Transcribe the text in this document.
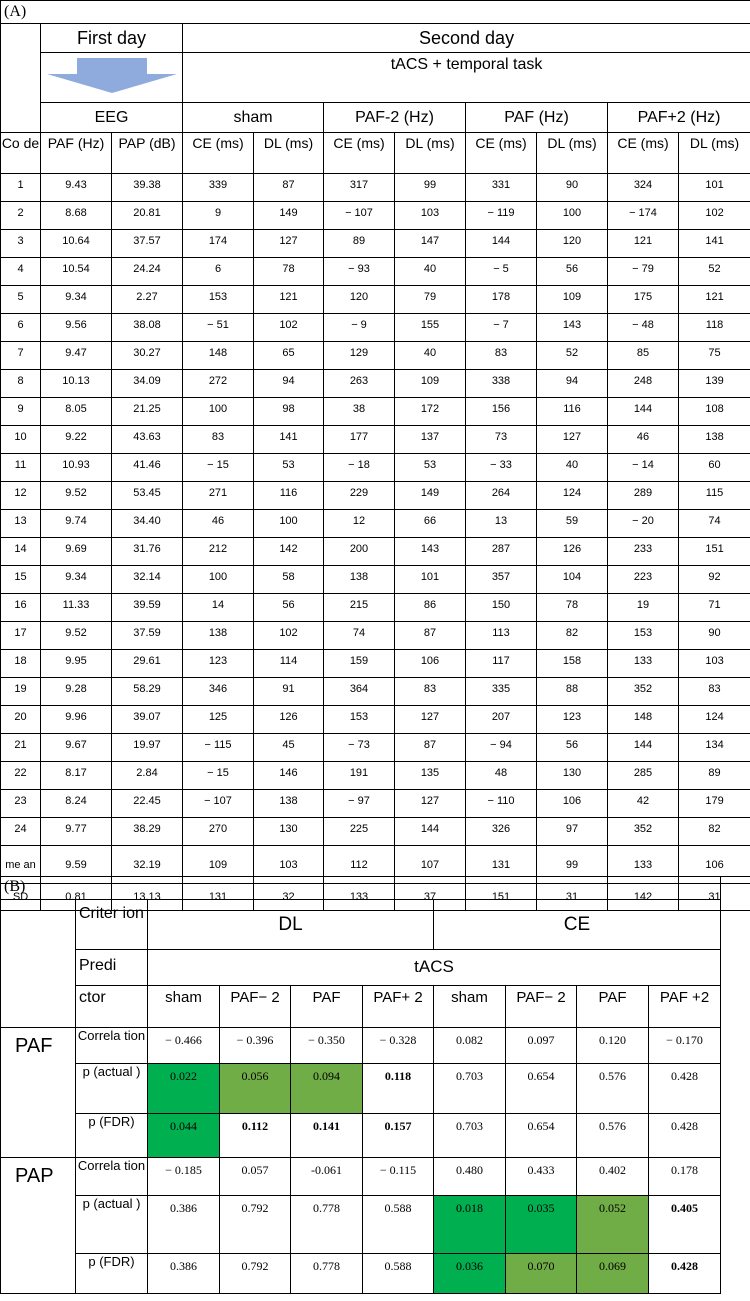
(A)										
	First day		Second day							
		tACS + temporal task							
	EEG		sham		PAF-2 (Hz)		PAF (Hz)		PAF+2 (Hz)	
Co de	PAF (Hz)	PAP (dB)	CE (ms)	DL (ms)	CE (ms)	DL (ms)	CE (ms)	DL (ms)	CE (ms)	DL (ms)
1	9.43	39.38	339	87	317	99	331	90	324	101
2	8.68	20.81	9	149	− 107	103	− 119	100	− 174	102
3	10.64	37.57	174	127	89	147	144	120	121	141
4	10.54	24.24	6	78	− 93	40	− 5	56	− 79	52
5	9.34	2.27	153	121	120	79	178	109	175	121
6	9.56	38.08	− 51	102	− 9	155	− 7	143	− 48	118
7	9.47	30.27	148	65	129	40	83	52	85	75
8	10.13	34.09	272	94	263	109	338	94	248	139
9	8.05	21.25	100	98	38	172	156	116	144	108
10	9.22	43.63	83	141	177	137	73	127	46	138
11	10.93	41.46	− 15	53	− 18	53	− 33	40	− 14	60
12	9.52	53.45	271	116	229	149	264	124	289	115
13	9.74	34.40	46	100	12	66	13	59	− 20	74
14	9.69	31.76	212	142	200	143	287	126	233	151
15	9.34	32.14	100	58	138	101	357	104	223	92
16	11.33	39.59	14	56	215	86	150	78	19	71
17	9.52	37.59	138	102	74	87	113	82	153	90
18	9.95	29.61	123	114	159	106	117	158	133	103
19	9.28	58.29	346	91	364	83	335	88	352	83
20	9.96	39.07	125	126	153	127	207	123	148	124
21	9.67	19.97	− 115	45	− 73	87	− 94	56	144	134
22	8.17	2.84	− 15	146	191	135	48	130	285	89
23	8.24	22.45	− 107	138	− 97	127	− 110	106	42	179
24	9.77	38.29	270	130	225	144	326	97	352	82
me an	9.59	32.19	109	103	112	107	131	99	133	106
SD	0.81	13.13	131	32	133	37	151	31	142	31
(B)										
	Criter ion	DL				CE				
	Predi	tACS								
	ctor	sham	PAF− 2	PAF	PAF+ 2	sham	PAF− 2	PAF	PAF +2	
PAF	Correla tion	− 0.466	− 0.396	− 0.350	− 0.328	0.082	0.097	0.120	− 0.170	
	p (actual )	0.022	0.056	0.094	0.118	0.703	0.654	0.576	0.428	
	p (FDR)	0.044	0.112	0.141	0.157	0.703	0.654	0.576	0.428	
PAP	Correla tion	− 0.185	0.057	-0.061	− 0.115	0.480	0.433	0.402	0.178	
	p (actual )	0.386	0.792	0.778	0.588	0.018	0.035	0.052	0.405	
	p (FDR)	0.386	0.792	0.778	0.588	0.036	0.070	0.069	0.428	
